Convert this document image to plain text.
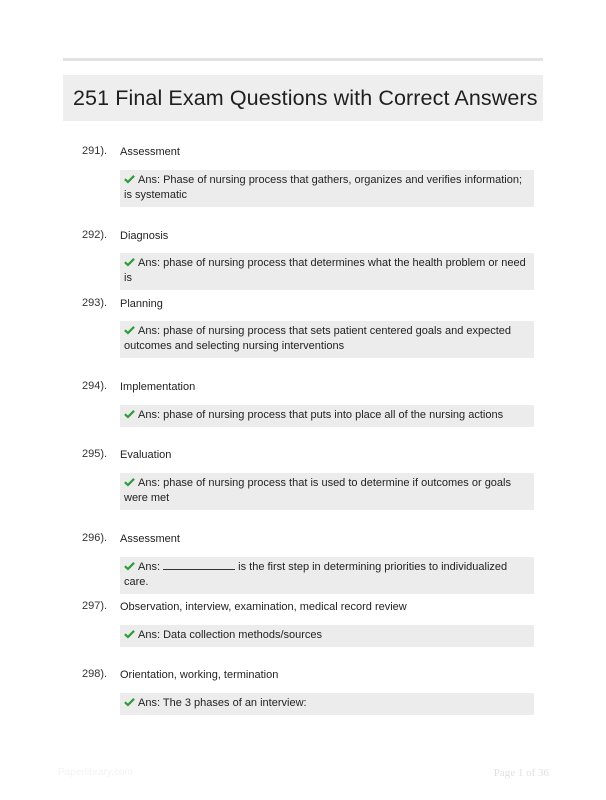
251 Final Exam Questions with Correct Answers
291). Assessment
Ans: Phase of nursing process that gathers, organizes and verifies information; is systematic
292). Diagnosis
Ans: phase of nursing process that determines what the health problem or need is
293). Planning
Ans: phase of nursing process that sets patient centered goals and expected outcomes and selecting nursing interventions
294). Implementation
Ans: phase of nursing process that puts into place all of the nursing actions
295). Evaluation
Ans: phase of nursing process that is used to determine if outcomes or goals were met
296). Assessment
Ans:	is the first step in determining priorities to individualized care.
297). Observation, interview, examination, medical record review
Ans: Data collection methods/sources
298). Orientation, working, termination
Ans: The 3 phases of an interview:
Paperlibrary.com	Page 1 of 36
